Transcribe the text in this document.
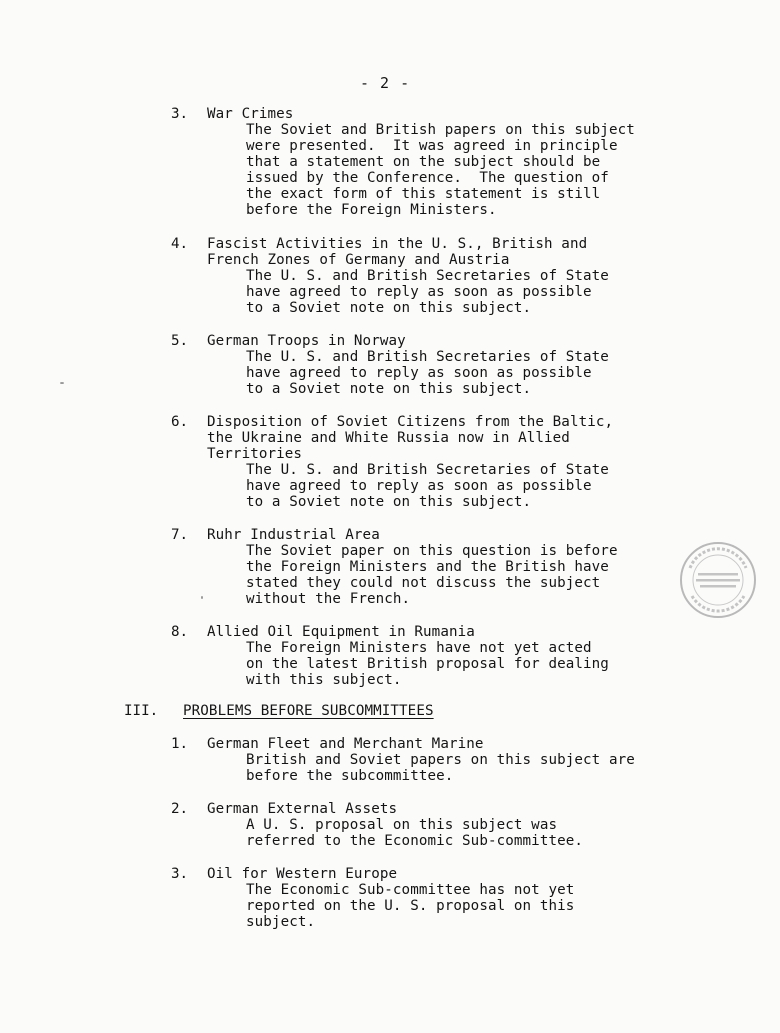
- 2 -
3. War Crimes
The Soviet and British papers on this subject
were presented.  It was agreed in principle
that a statement on the subject should be
issued by the Conference.  The question of
the exact form of this statement is still
before the Foreign Ministers.
4. Fascist Activities in the U. S., British and
French Zones of Germany and Austria
The U. S. and British Secretaries of State
have agreed to reply as soon as possible
to a Soviet note on this subject.
5. German Troops in Norway
The U. S. and British Secretaries of State
have agreed to reply as soon as possible
to a Soviet note on this subject.
6. Disposition of Soviet Citizens from the Baltic,
the Ukraine and White Russia now in Allied
Territories
The U. S. and British Secretaries of State
have agreed to reply as soon as possible
to a Soviet note on this subject.
7. Ruhr Industrial Area
The Soviet paper on this question is before
the Foreign Ministers and the British have
stated they could not discuss the subject
without the French.
8. Allied Oil Equipment in Rumania
The Foreign Ministers have not yet acted
on the latest British proposal for dealing
with this subject.
III. PROBLEMS BEFORE SUBCOMMITTEES
1. German Fleet and Merchant Marine
British and Soviet papers on this subject are
before the subcommittee.
2. German External Assets
A U. S. proposal on this subject was
referred to the Economic Sub-committee.
3. Oil for Western Europe
The Economic Sub-committee has not yet
reported on the U. S. proposal on this
subject.
